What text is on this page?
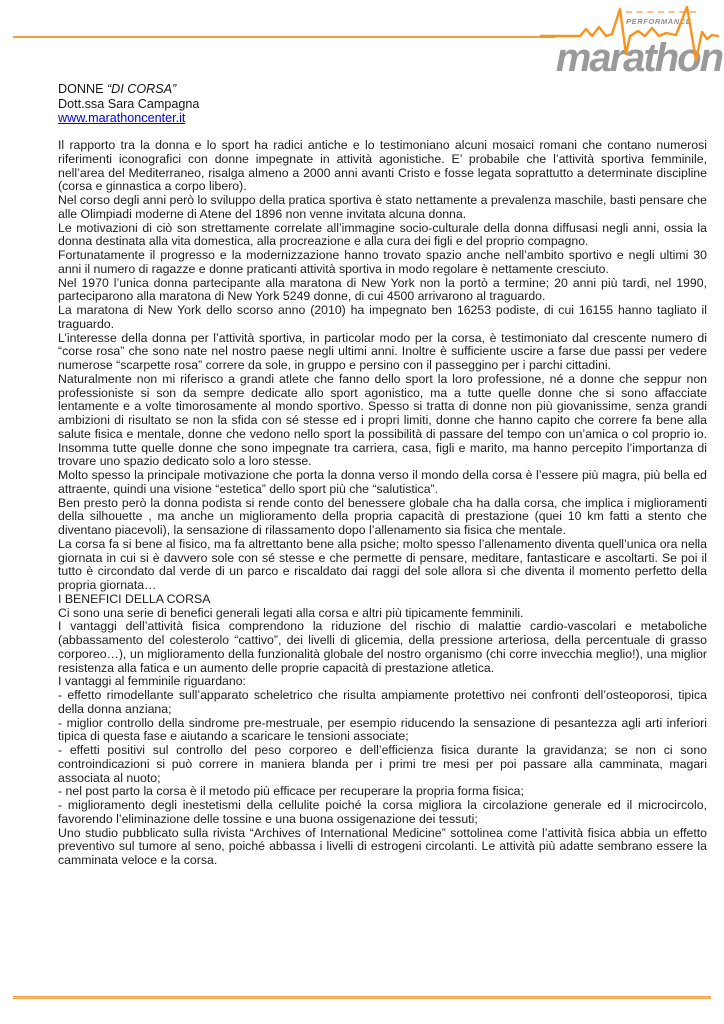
marathon
PERFORMANCE
DONNE “DI CORSA”
Dott.ssa Sara Campagna
www.marathoncenter.it

Il rapporto tra la donna e lo sport ha radici antiche e lo testimoniano alcuni mosaici romani che contano numerosi riferimenti iconografici con donne impegnate in attività agonistiche. E’ probabile che l’attività sportiva femminile, nell’area del Mediterraneo, risalga almeno a 2000 anni avanti Cristo e fosse legata soprattutto a determinate discipline (corsa e ginnastica a corpo libero).

Nel corso degli anni però lo sviluppo della pratica sportiva è stato nettamente a prevalenza maschile, basti pensare che alle Olimpiadi moderne di Atene del 1896 non venne invitata alcuna donna.

Le motivazioni di ciò son strettamente correlate all’immagine socio-culturale della donna diffusasi negli anni, ossia la donna destinata alla vita domestica, alla procreazione e alla cura dei figli e del proprio compagno.

Fortunatamente il progresso e la modernizzazione hanno trovato spazio anche nell’ambito sportivo e negli ultimi 30 anni il numero di ragazze e donne praticanti attività sportiva in modo regolare è nettamente cresciuto.

Nel 1970 l’unica donna partecipante alla maratona di New York non la portò a termine; 20 anni più tardi, nel 1990, parteciparono alla maratona di New York 5249 donne, di cui 4500 arrivarono al traguardo.

La maratona di New York dello scorso anno (2010) ha impegnato ben 16253 podiste, di cui 16155 hanno tagliato il traguardo.

L’interesse della donna per l’attività sportiva, in particolar modo per la corsa, è testimoniato dal crescente numero di “corse rosa” che sono nate nel nostro paese negli ultimi anni. Inoltre è sufficiente uscire a farse due passi per vedere numerose “scarpette rosa” correre da sole, in gruppo e persino con il passeggino per i parchi cittadini.

Naturalmente non mi riferisco a grandi atlete che fanno dello sport la loro professione, né a donne che seppur non professioniste si son da sempre dedicate allo sport agonistico, ma a tutte quelle donne che si sono affacciate lentamente e a volte timorosamente al mondo sportivo. Spesso si tratta di donne non più giovanissime, senza grandi ambizioni di risultato se non la sfida con sé stesse ed i propri limiti, donne che hanno capito che correre fa bene alla salute fisica e mentale, donne che vedono nello sport la possibilità di passare del tempo con un’amica o col proprio io. Insomma tutte quelle donne che sono impegnate tra carriera, casa, figli e marito, ma hanno percepito l’importanza di trovare uno spazio dedicato solo a loro stesse.

Molto spesso la principale motivazione che porta la donna verso il mondo della corsa è l’essere più magra, più bella ed attraente, quindi una visione “estetica” dello sport più che “salutistica”.

Ben presto però la donna podista si rende conto del benessere globale cha ha dalla corsa, che implica i miglioramenti della silhouette , ma anche un miglioramento della propria capacità di prestazione (quei 10 km fatti a stento che diventano piacevoli), la sensazione di rilassamento dopo l’allenamento sia fisica che mentale.

La corsa fa si bene al fisico, ma fa altrettanto bene alla psiche; molto spesso l’allenamento diventa quell’unica ora nella giornata in cui si è davvero sole con sé stesse e che permette di pensare, meditare, fantasticare e ascoltarti. Se poi il tutto è circondato dal verde di un parco e riscaldato dai raggi del sole allora sì che diventa il momento perfetto della propria giornata…

I BENEFICI DELLA CORSA

Ci sono una serie di benefici generali legati alla corsa e altri più tipicamente femminili.

I vantaggi dell’attività fisica comprendono la riduzione del rischio di malattie cardio-vascolari e metaboliche (abbassamento del colesterolo “cattivo”, dei livelli di glicemia, della pressione arteriosa, della percentuale di grasso corporeo…), un miglioramento della funzionalità globale del nostro organismo (chi corre invecchia meglio!), una miglior resistenza alla fatica e un aumento delle proprie capacità di prestazione atletica.

I vantaggi al femminile riguardano:

- effetto rimodellante sull’apparato scheletrico che risulta ampiamente protettivo nei confronti dell’osteoporosi, tipica della donna anziana;

- miglior controllo della sindrome pre-mestruale, per esempio riducendo la sensazione di pesantezza agli arti inferiori tipica di questa fase e aiutando a scaricare le tensioni associate;

- effetti positivi sul controllo del peso corporeo e dell’efficienza fisica durante la gravidanza; se non ci sono controindicazioni si può correre in maniera blanda per i primi tre mesi per poi passare alla camminata, magari associata al nuoto;

- nel post parto la corsa è il metodo più efficace per recuperare la propria forma fisica;

- miglioramento degli inestetismi della cellulite poiché la corsa migliora la circolazione generale ed il microcircolo, favorendo l’eliminazione delle tossine e una buona ossigenazione dei tessuti;

Uno studio pubblicato sulla rivista “Archives of International Medicine” sottolinea come l’attività fisica abbia un effetto preventivo sul tumore al seno, poiché abbassa i livelli di estrogeni circolanti. Le attività più adatte sembrano essere la camminata veloce e la corsa.
